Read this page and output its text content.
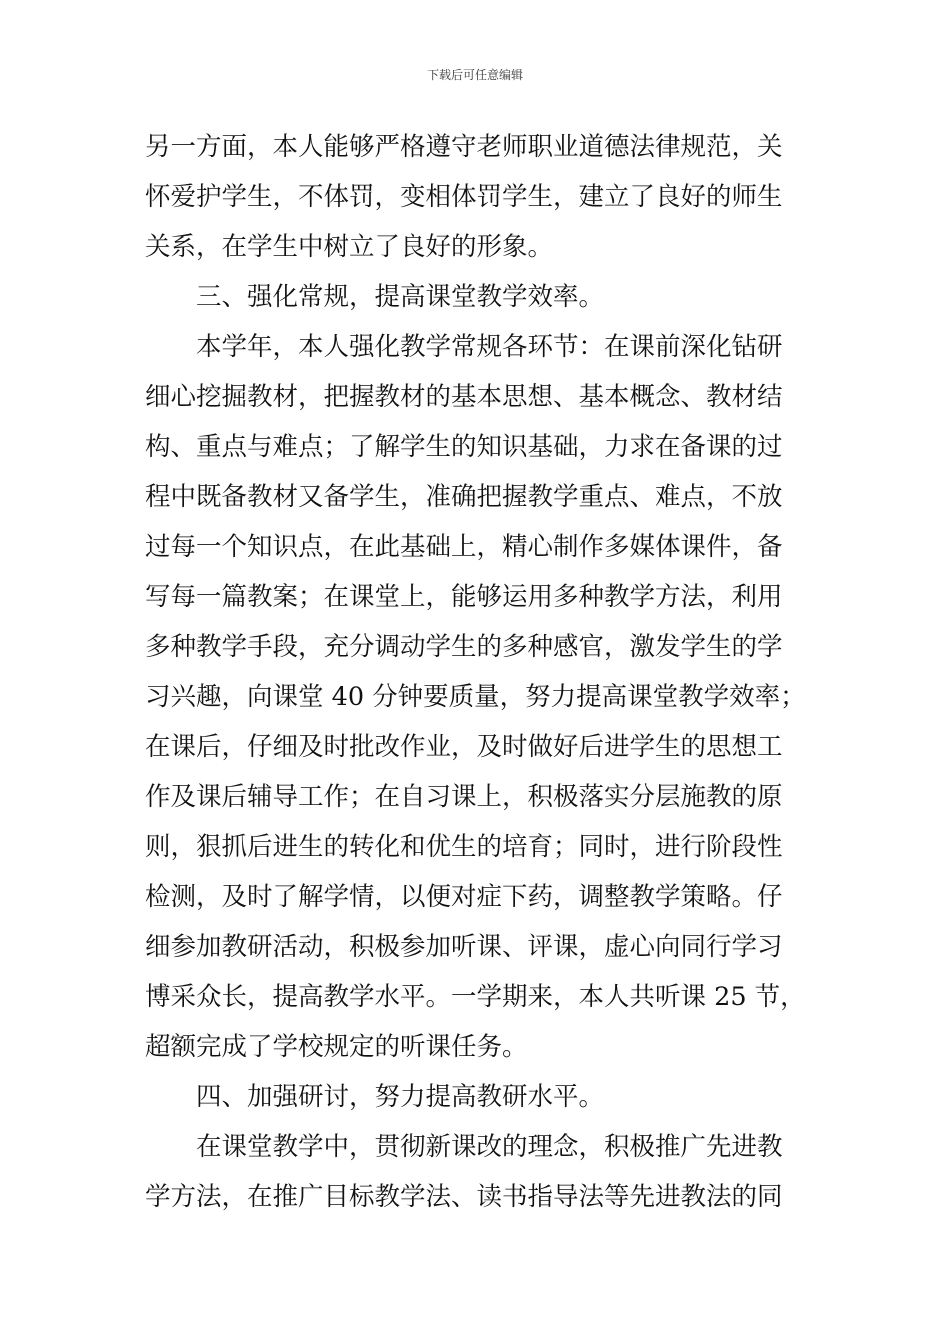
下载后可任意编辑
另一方面，本人能够严格遵守老师职业道德法律规范，关
怀爱护学生，不体罚，变相体罚学生，建立了良好的师生
关系，在学生中树立了良好的形象。
三、强化常规，提高课堂教学效率。
本学年，本人强化教学常规各环节：在课前深化钻研
细心挖掘教材，把握教材的基本思想、基本概念、教材结
构、重点与难点；了解学生的知识基础，力求在备课的过
程中既备教材又备学生，准确把握教学重点、难点，不放
过每一个知识点，在此基础上，精心制作多媒体课件，备
写每一篇教案；在课堂上，能够运用多种教学方法，利用
多种教学手段，充分调动学生的多种感官，激发学生的学
习兴趣，向课堂 40 分钟要质量，努力提高课堂教学效率；
在课后，仔细及时批改作业，及时做好后进学生的思想工
作及课后辅导工作；在自习课上，积极落实分层施教的原
则，狠抓后进生的转化和优生的培育；同时，进行阶段性
检测，及时了解学情，以便对症下药，调整教学策略。仔
细参加教研活动，积极参加听课、评课，虚心向同行学习
博采众长，提高教学水平。一学期来，本人共听课 25 节，
超额完成了学校规定的听课任务。
四、加强研讨，努力提高教研水平。
在课堂教学中，贯彻新课改的理念，积极推广先进教
学方法，在推广目标教学法、读书指导法等先进教法的同
